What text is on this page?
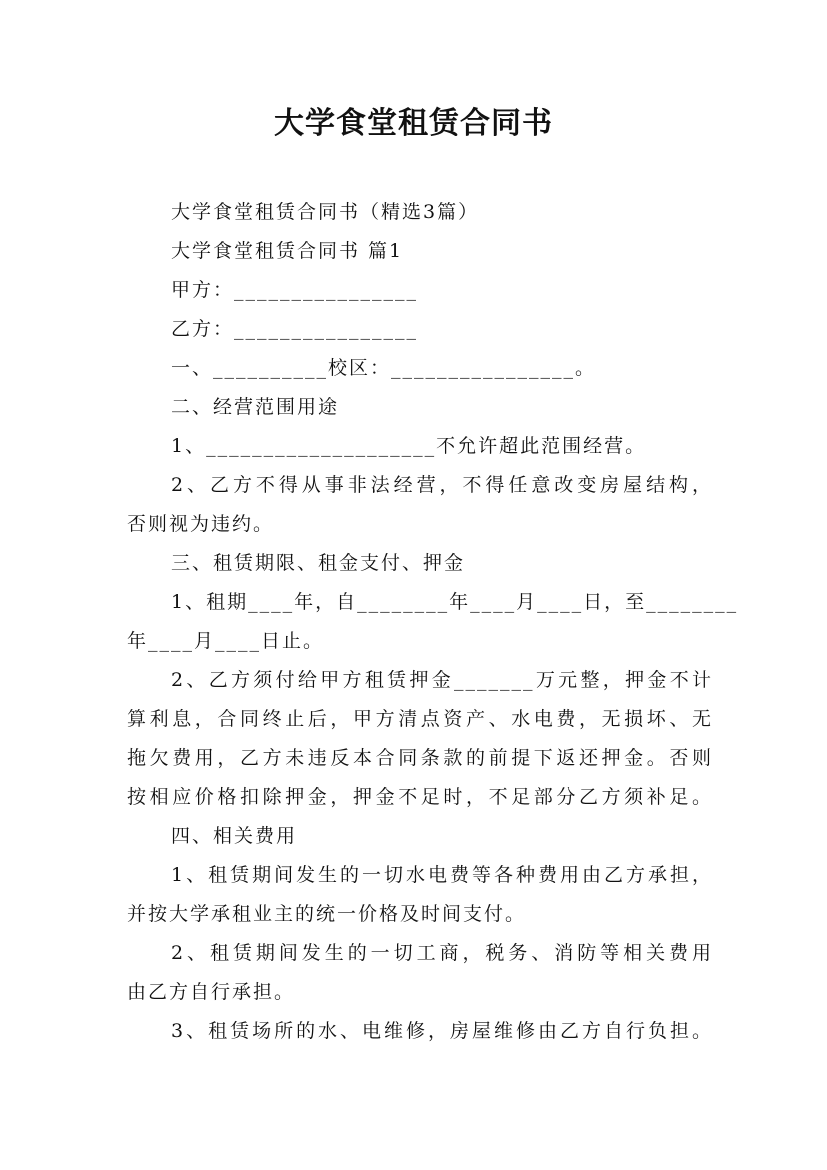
大学食堂租赁合同书
大学食堂租赁合同书（精选3篇）
大学食堂租赁合同书 篇1
甲方：________________
乙方：________________
一、__________校区：________________。
二、经营范围用途
1、____________________不允许超此范围经营。
2、乙方不得从事非法经营，不得任意改变房屋结构，
否则视为违约。
三、租赁期限、租金支付、押金
1、租期____年，自________年____月____日，至________
年____月____日止。
2、乙方须付给甲方租赁押金_______万元整，押金不计
算利息，合同终止后，甲方清点资产、水电费，无损坏、无
拖欠费用，乙方未违反本合同条款的前提下返还押金。否则
按相应价格扣除押金，押金不足时，不足部分乙方须补足。
四、相关费用
1、租赁期间发生的一切水电费等各种费用由乙方承担，
并按大学承租业主的统一价格及时间支付。
2、租赁期间发生的一切工商，税务、消防等相关费用
由乙方自行承担。
3、租赁场所的水、电维修，房屋维修由乙方自行负担。
